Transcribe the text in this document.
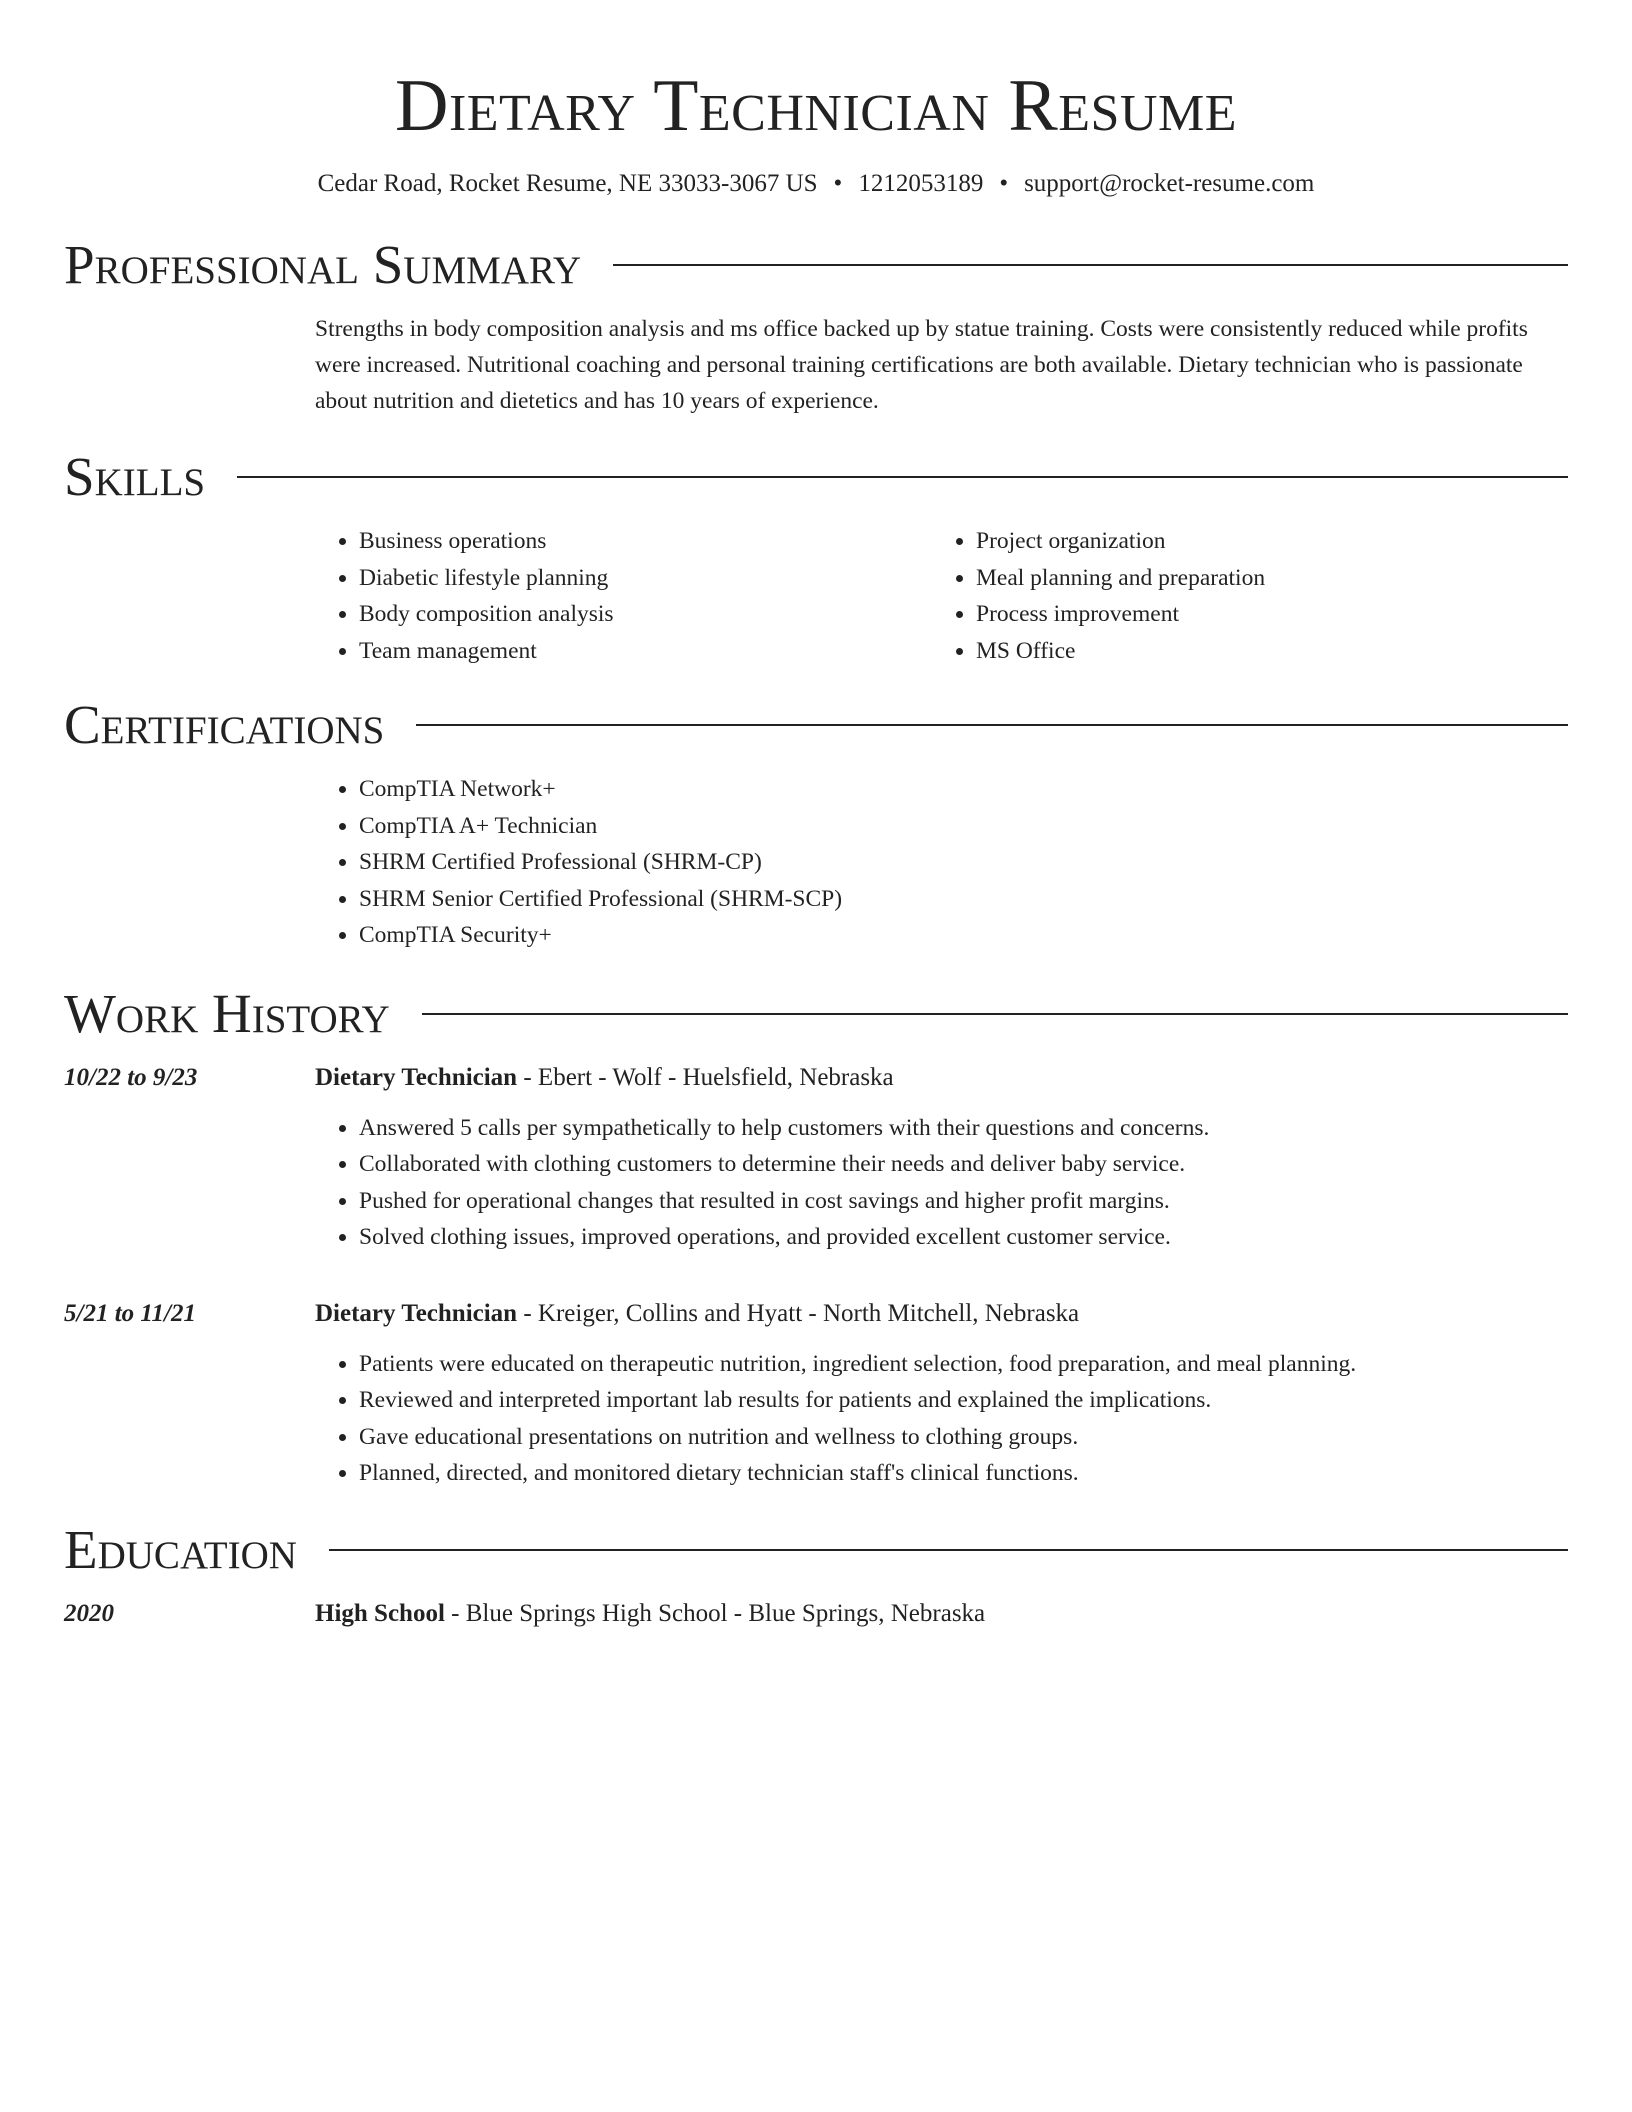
Dietary Technician Resume
Cedar Road, Rocket Resume, NE 33033-3067 US • 1212053189 • support@rocket-resume.com
Professional Summary

Strengths in body composition analysis and ms office backed up by statue training. Costs were consistently reduced while profits were increased. Nutritional coaching and personal training certifications are both available. Dietary technician who is passionate about nutrition and dietetics and has 10 years of experience.

Skills
• Business operations
• Diabetic lifestyle planning
• Body composition analysis
• Team management
• Project organization
• Meal planning and preparation
• Process improvement
• MS Office
Certifications
• CompTIA Network+
• CompTIA A+ Technician
• SHRM Certified Professional (SHRM-CP)
• SHRM Senior Certified Professional (SHRM-SCP)
• CompTIA Security+
Work History
10/22 to 9/23	Dietary Technician - Ebert - Wolf - Huelsfield, Nebraska
• Answered 5 calls per sympathetically to help customers with their questions and concerns.
• Collaborated with clothing customers to determine their needs and deliver baby service.
• Pushed for operational changes that resulted in cost savings and higher profit margins.
• Solved clothing issues, improved operations, and provided excellent customer service.
5/21 to 11/21	Dietary Technician - Kreiger, Collins and Hyatt - North Mitchell, Nebraska
• Patients were educated on therapeutic nutrition, ingredient selection, food preparation, and meal planning.
• Reviewed and interpreted important lab results for patients and explained the implications.
• Gave educational presentations on nutrition and wellness to clothing groups.
• Planned, directed, and monitored dietary technician staff's clinical functions.
Education
2020	High School - Blue Springs High School - Blue Springs, Nebraska
